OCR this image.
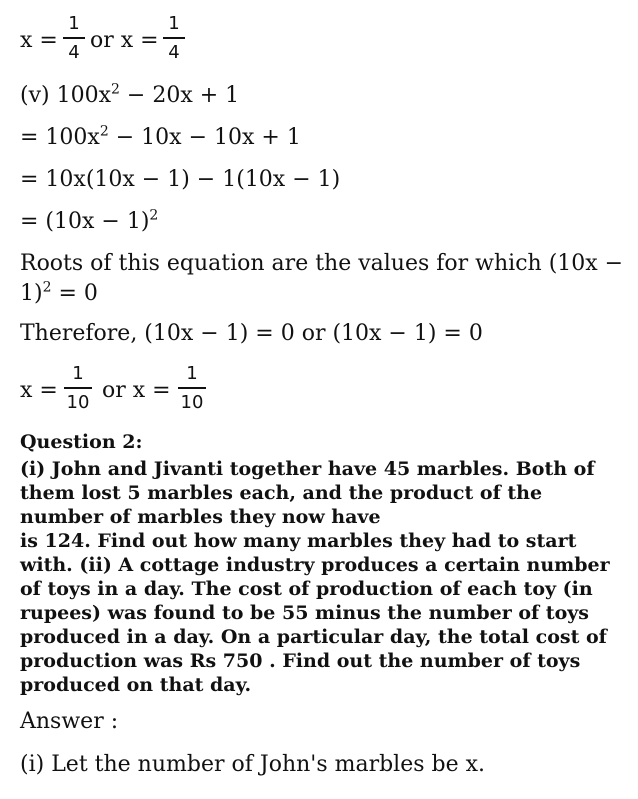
x =
1
4 or x =
1
4
(v) $100x^2 - 20x + 1$
= $100x^2 - 10x - 10x + 1$
= 10x(10x − 1) − 1(10x − 1)
= $(10x - 1)^2$
Roots of this equation are the values for which (10x −
1)$^2$ = 0
Therefore, (10x − 1) = 0 or (10x − 1) = 0
x =
1
10 or x =
1
10
Question 2:
(i) John and Jivanti together have 45 marbles. Both of
them lost 5 marbles each, and the product of the
number of marbles they now have
is 124. Find out how many marbles they had to start
with. (ii) A cottage industry produces a certain number
of toys in a day. The cost of production of each toy (in
rupees) was found to be 55 minus the number of toys
produced in a day. On a particular day, the total cost of
production was Rs 750 . Find out the number of toys
produced on that day.
Answer :
(i) Let the number of John's marbles be x.
